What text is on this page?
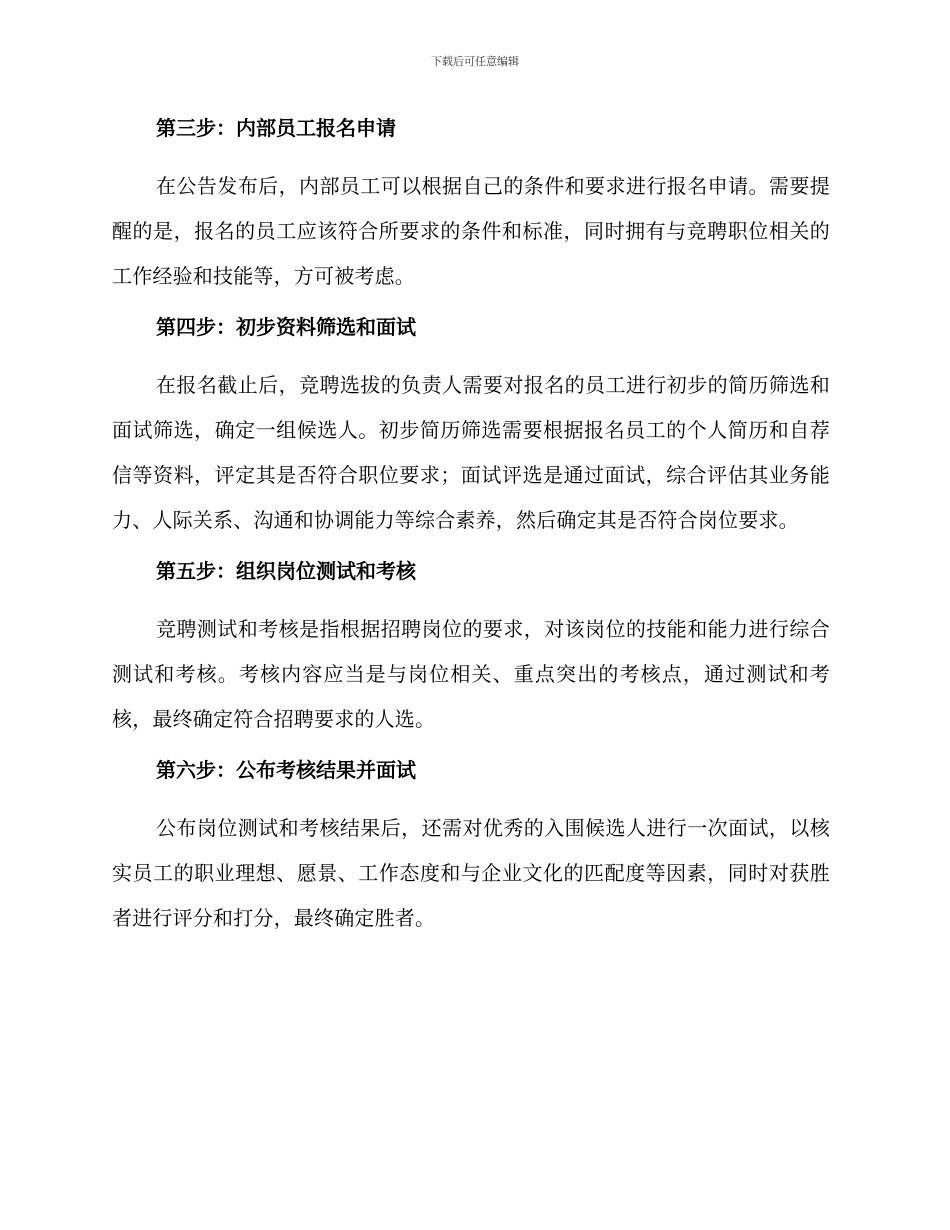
下载后可任意编辑
第三步：内部员工报名申请

在公告发布后，内部员工可以根据自己的条件和要求进行报名申请。需要提醒的是，报名的员工应该符合所要求的条件和标准，同时拥有与竞聘职位相关的工作经验和技能等，方可被考虑。

第四步：初步资料筛选和面试

在报名截止后，竞聘选拔的负责人需要对报名的员工进行初步的简历筛选和面试筛选，确定一组候选人。初步简历筛选需要根据报名员工的个人简历和自荐信等资料，评定其是否符合职位要求；面试评选是通过面试，综合评估其业务能力、人际关系、沟通和协调能力等综合素养，然后确定其是否符合岗位要求。

第五步：组织岗位测试和考核

竞聘测试和考核是指根据招聘岗位的要求，对该岗位的技能和能力进行综合测试和考核。考核内容应当是与岗位相关、重点突出的考核点，通过测试和考核，最终确定符合招聘要求的人选。

第六步：公布考核结果并面试

公布岗位测试和考核结果后，还需对优秀的入围候选人进行一次面试，以核实员工的职业理想、愿景、工作态度和与企业文化的匹配度等因素，同时对获胜者进行评分和打分，最终确定胜者。
